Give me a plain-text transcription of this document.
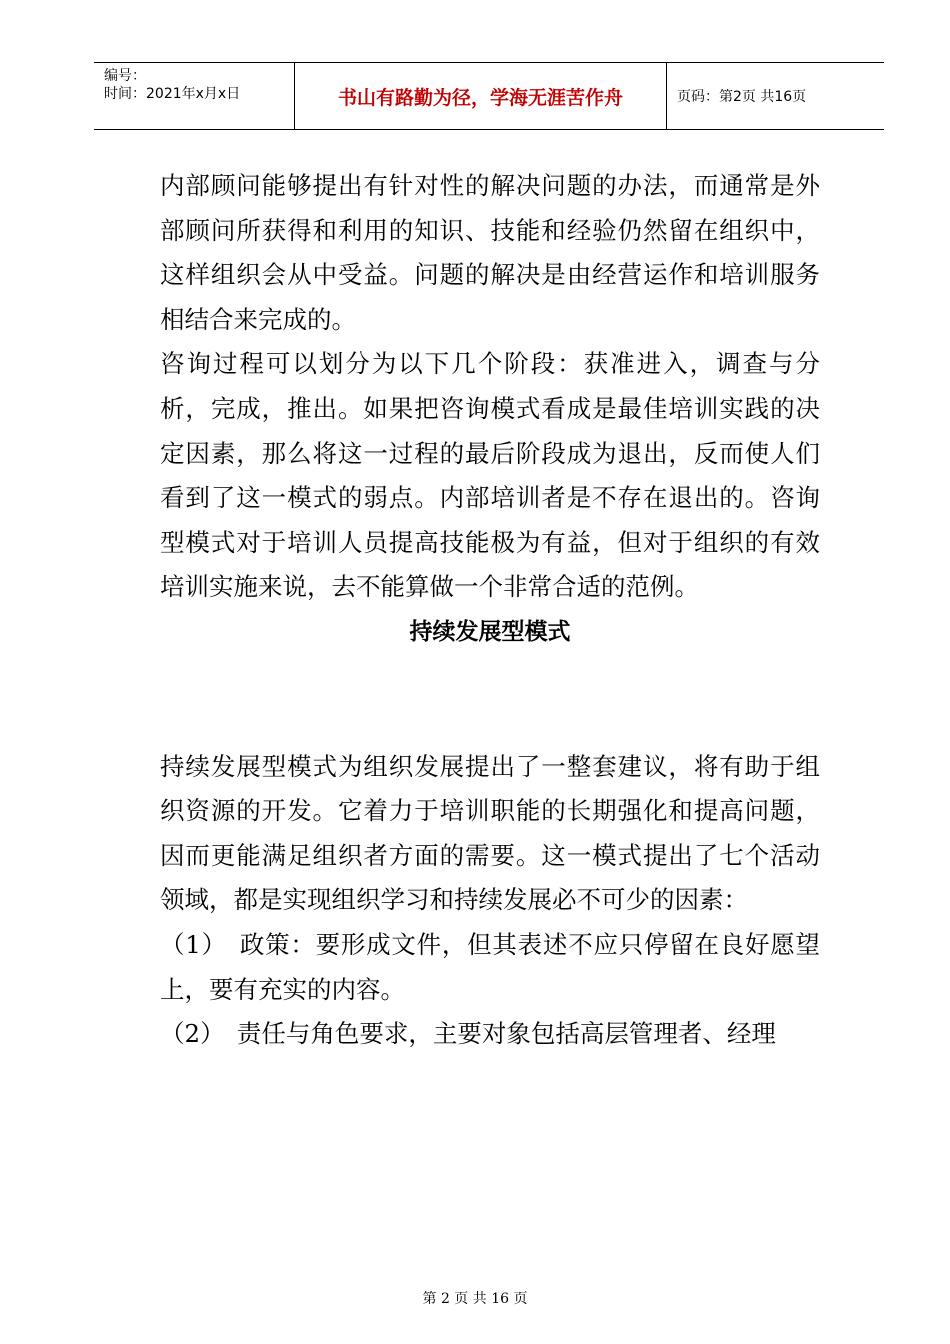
编号：
时间：2021年x月x日	书山有路勤为径，学海无涯苦作舟	页码：第2页 共16页

内部顾问能够提出有针对性的解决问题的办法，而通常是外部顾问所获得和利用的知识、技能和经验仍然留在组织中，这样组织会从中受益。问题的解决是由经营运作和培训服务相结合来完成的。

咨询过程可以划分为以下几个阶段：获准进入，调查与分析，完成，推出。如果把咨询模式看成是最佳培训实践的决定因素，那么将这一过程的最后阶段成为退出，反而使人们看到了这一模式的弱点。内部培训者是不存在退出的。咨询型模式对于培训人员提高技能极为有益，但对于组织的有效培训实施来说，去不能算做一个非常合适的范例。

持续发展型模式

持续发展型模式为组织发展提出了一整套建议，将有助于组织资源的开发。它着力于培训职能的长期强化和提高问题，因而更能满足组织者方面的需要。这一模式提出了七个活动领域，都是实现组织学习和持续发展必不可少的因素：

（1）　政策：要形成文件，但其表述不应只停留在良好愿望上，要有充实的内容。

（2）　责任与角色要求，主要对象包括高层管理者、经理

第 2 页 共 16 页
